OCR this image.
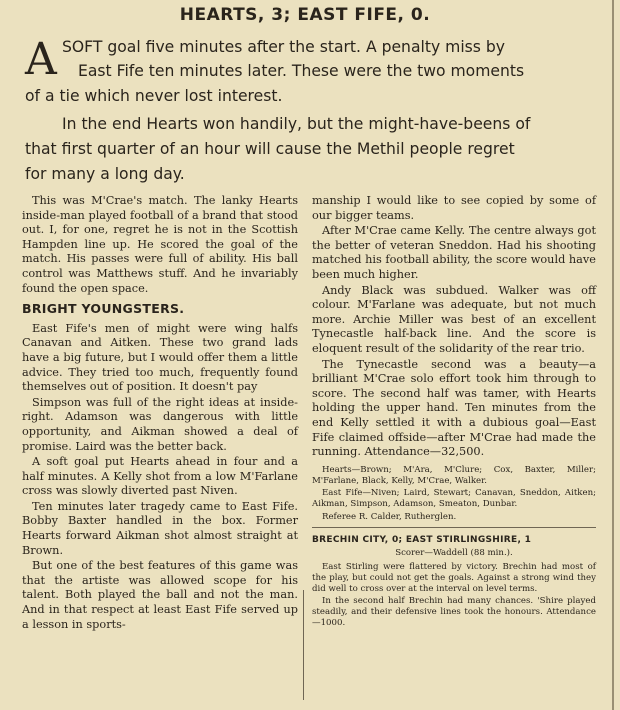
HEARTS, 3; EAST FIFE, 0.
A SOFT goal five minutes after the start. A penalty miss by
East Fife ten minutes later. These were the two moments
of a tie which never lost interest.
In the end Hearts won handily, but the might-have-beens of
that first quarter of an hour will cause the Methil people regret
for many a long day.

This was M'Crae's match. The lanky Hearts inside-man played football of a brand that stood out. I, for one, regret he is not in the Scottish Hampden line up. He scored the goal of the match. His passes were full of ability. His ball control was Matthews stuff. And he invariably found the open space.

BRIGHT YOUNGSTERS.

East Fife's men of might were wing halfs Canavan and Aitken. These two grand lads have a big future, but I would offer them a little advice. They tried too much, frequently found themselves out of position. It doesn't pay

Simpson was full of the right ideas at inside-right. Adamson was dangerous with little opportunity, and Aikman showed a deal of promise. Laird was the better back.

A soft goal put Hearts ahead in four and a half minutes. A Kelly shot from a low M'Farlane cross was slowly diverted past Niven.

Ten minutes later tragedy came to East Fife. Bobby Baxter handled in the box. Former Hearts forward Aikman shot almost straight at Brown.

But one of the best features of this game was that the artiste was allowed scope for his talent. Both played the ball and not the man. And in that respect at least East Fife served up a lesson in sports-

manship I would like to see copied by some of our bigger teams.

After M'Crae came Kelly. The centre always got the better of veteran Sneddon. Had his shooting matched his football ability, the score would have been much higher.

Andy Black was subdued. Walker was off colour. M'Farlane was adequate, but not much more. Archie Miller was best of an excellent Tynecastle half-back line. And the score is eloquent result of the solidarity of the rear trio.

The Tynecastle second was a beauty—a brilliant M'Crae solo effort took him through to score. The second half was tamer, with Hearts holding the upper hand. Ten minutes from the end Kelly settled it with a dubious goal—East Fife claimed offside—after M'Crae had made the running. Attendance—32,500.

Hearts—Brown; M'Ara, M'Clure; Cox, Baxter, Miller; M'Farlane, Black, Kelly, M'Crae, Walker.

East Fife—Niven; Laird, Stewart; Canavan, Sneddon, Aitken; Aikman, Simpson, Adamson, Smeaton, Dunbar.

Referee R. Calder, Rutherglen.

BRECHIN CITY, 0; EAST STIRLINGSHIRE, 1

Scorer—Waddell (88 min.).

East Stirling were flattered by victory. Brechin had most of the play, but could not get the goals. Against a strong wind they did well to cross over at the interval on level terms.

In the second half Brechin had many chances. 'Shire played steadily, and their defensive lines took the honours. Attendance—1000.
